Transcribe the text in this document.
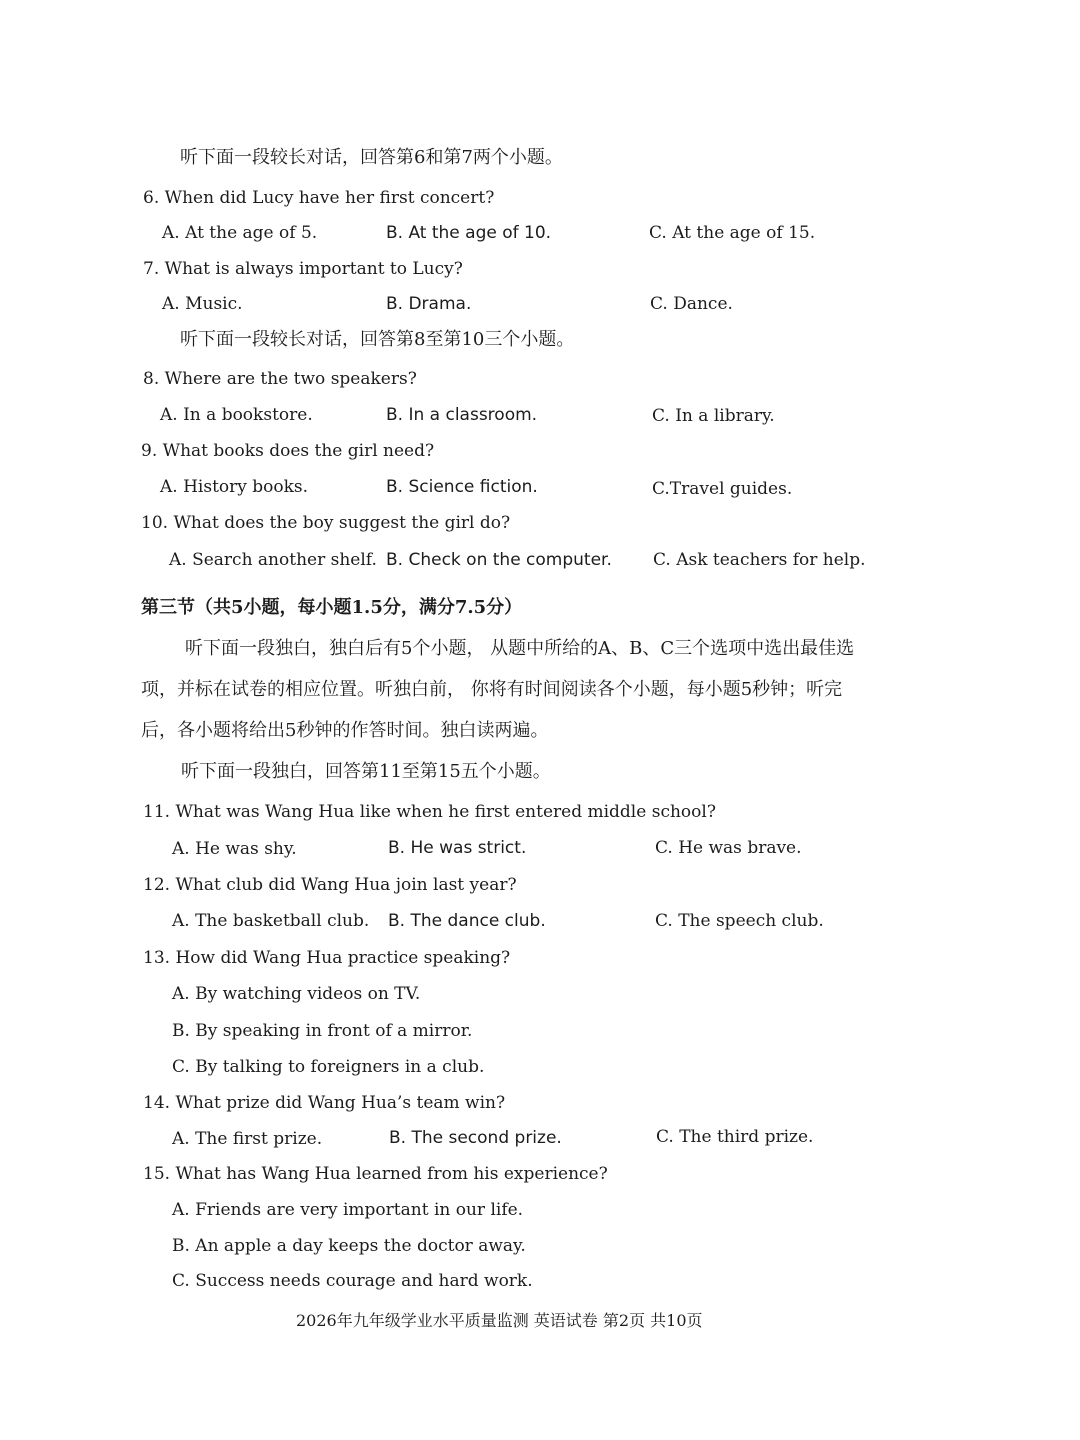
听下面一段较长对话，回答第6和第7两个小题。
6. When did Lucy have her first concert?
A. At the age of 5.	B. At the age of 10.	C. At the age of 15.
7. What is always important to Lucy?
A. Music.	B. Drama.	C. Dance.
听下面一段较长对话，回答第8至第10三个小题。
8. Where are the two speakers?
A. In a bookstore.	B. In a classroom.	C. In a library.
9. What books does the girl need?
A. History books.	B. Science fiction.	C.Travel guides.
10. What does the boy suggest the girl do?
A. Search another shelf. B. Check on the computer. C. Ask teachers for help.
第三节（共5小题，每小题1.5分，满分7.5分）
听下面一段独白，独白后有5个小题， 从题中所给的A、B、C三个选项中选出最佳选
项，并标在试卷的相应位置。听独白前， 你将有时间阅读各个小题，每小题5秒钟；听完
后，各小题将给出5秒钟的作答时间。独白读两遍。
听下面一段独白，回答第11至第15五个小题。
11. What was Wang Hua like when he first entered middle school?
A. He was shy.	B. He was strict.	C. He was brave.
12. What club did Wang Hua join last year?
A. The basketball club. B. The dance club.	C. The speech club.
13. How did Wang Hua practice speaking?
A. By watching videos on TV.
B. By speaking in front of a mirror.
C. By talking to foreigners in a club.
14. What prize did Wang Hua’s team win?
A. The first prize.	B. The second prize.	C. The third prize.
15. What has Wang Hua learned from his experience?
A. Friends are very important in our life.
B. An apple a day keeps the doctor away.
C. Success needs courage and hard work.
2026年九年级学业水平质量监测 英语试卷 第2页 共10页
